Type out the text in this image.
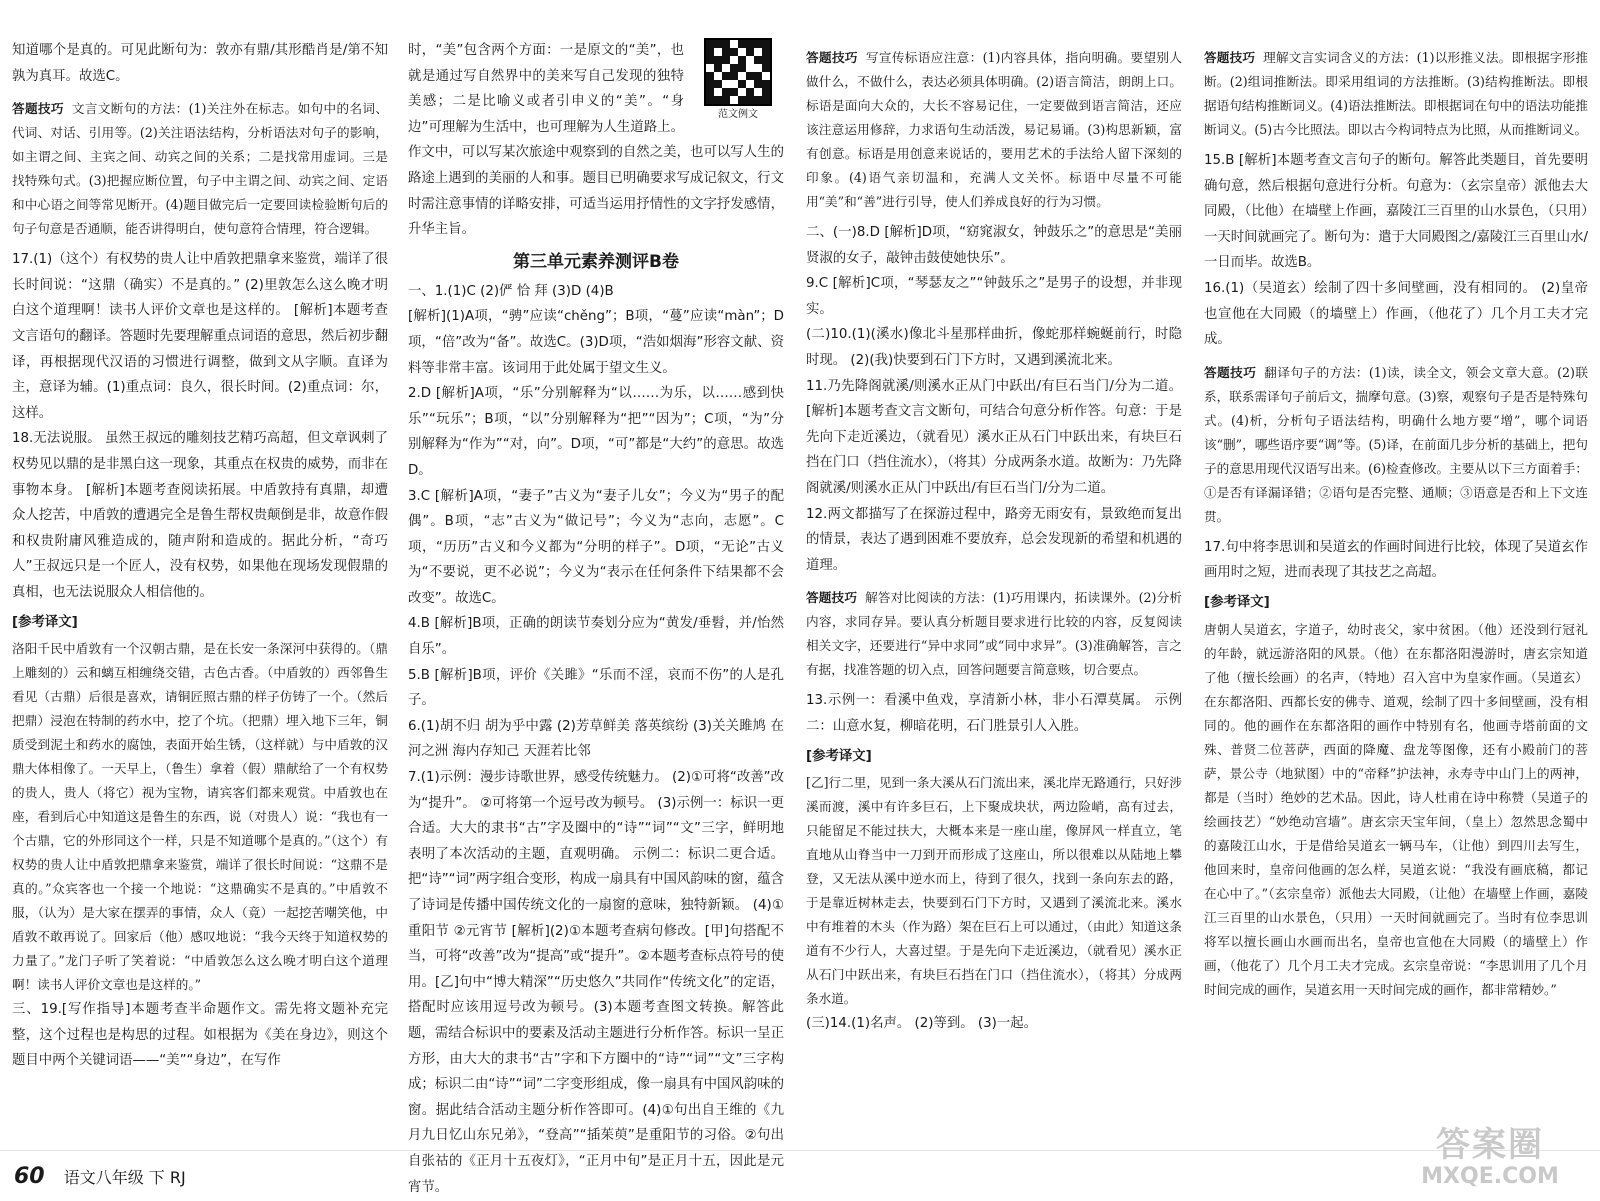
知道哪个是真的。可见此断句为：敦亦有鼎/其形酷肖是/第不知孰为真耳。故选C。

答题技巧 文言文断句的方法：(1)关注外在标志。如句中的名词、代词、对话、引用等。(2)关注语法结构，分析语法对句子的影响，如主谓之间、主宾之间、动宾之间的关系；二是找常用虚词。三是找特殊句式。(3)把握应断位置，句子中主谓之间、动宾之间、定语和中心语之间等常见断开。(4)题目做完后一定要回读检验断句后的句子句意是否通顺，能否讲得明白，使句意符合情理，符合逻辑。

17.(1)（这个）有权势的贵人让中盾敦把鼎拿来鉴赏，端详了很长时间说：“这鼎（确实）不是真的。” (2)里敦怎么这么晚才明白这个道理啊！读书人评价文章也是这样的。 [解析]本题考查文言语句的翻译。答题时先要理解重点词语的意思，然后初步翻译，再根据现代汉语的习惯进行调整，做到文从字顺。直译为主，意译为辅。(1)重点词：良久，很长时间。(2)重点词：尔，这样。

18.无法说服。 虽然王叔远的雕刻技艺精巧高超，但文章讽刺了权势见以鼎的是非黑白这一现象，其重点在权贵的威势，而非在事物本身。 [解析]本题考查阅读拓展。中盾敦持有真鼎，却遭众人挖苦，中盾敦的遭遇完全是鲁生帮权贵颠倒是非，故意作假和权贵附庸风雅造成的，随声附和造成的。据此分析，“奇巧人”王叔远只是一个匠人，没有权势，如果他在现场发现假鼎的真相，也无法说服众人相信他的。

[参考译文]
洛阳千民中盾敦有一个汉朝古鼎，是在长安一条深河中获得的。（鼎上雕刻的）云和螭互相缠绕交错，古色古香。（中盾敦的）西邻鲁生看见（古鼎）后很是喜欢，请铜匠照古鼎的样子仿铸了一个。（然后把鼎）浸泡在特制的药水中，挖了个坑。（把鼎）埋入地下三年，铜质受到泥土和药水的腐蚀，表面开始生锈，（这样就）与中盾敦的汉鼎大体相像了。一天早上，（鲁生）拿着（假）鼎献给了一个有权势的贵人，贵人（将它）视为宝物，请宾客们都来观赏。中盾敦也在座，看到后心中知道这是鲁生的东西，说（对贵人）说：“我也有一个古鼎，它的外形同这个一样，只是不知道哪个是真的。”（这个）有权势的贵人让中盾敦把鼎拿来鉴赏，端详了很长时间说：“这鼎不是真的。”众宾客也一个接一个地说：“这鼎确实不是真的。”中盾敦不服，（认为）是大家在摆弄的事情，众人（竟）一起挖苦嘲笑他，中盾敦不敢再说了。回家后（他）感叹地说：“我今天终于知道权势的力量了。”龙门子听了笑着说：“中盾敦怎么这么晚才明白这个道理啊！读书人评价文章也是这样的。”

三、19.[写作指导]本题考查半命题作文。需先将文题补充完整，这个过程也是构思的过程。如根据为《美在身边》，则这个题目中两个关键词语——“美”“身边”，在写作

范文例文

时，“美”包含两个方面：一是原文的“美”，也就是通过写自然界中的美来写自己发现的独特美感；二是比喻义或者引申义的“美”。“身边”可理解为生活中，也可理解为人生道路上。作文中，可以写某次旅途中观察到的自然之美，也可以写人生的路途上遇到的美丽的人和事。题目已明确要求写成记叙文，行文时需注意事情的详略安排，可适当运用抒情性的文字抒发感情，升华主旨。

第三单元素养测评B卷

一、1.(1)C (2)俨 恰 拜 (3)D (4)B

[解析](1)A项，“骋”应读“chěng”；B项，“蔓”应读“màn”；D项，“倍”改为“备”。故选C。(3)D项，“浩如烟海”形容文献、资料等非常丰富。该词用于此处属于望文生义。

2.D [解析]A项，“乐”分别解释为“以……为乐，以……感到快乐”“玩乐”；B项，“以”分别解释为“把”“因为”；C项，“为”分别解释为“作为”“对，向”。D项，“可”都是“大约”的意思。故选D。

3.C [解析]A项，“妻子”古义为“妻子儿女”；今义为“男子的配偶”。B项，“志”古义为“做记号”；今义为“志向，志愿”。C项，“历历”古义和今义都为“分明的样子”。D项，“无论”古义为“不要说，更不必说”；今义为“表示在任何条件下结果都不会改变”。故选C。

4.B [解析]B项，正确的朗读节奏划分应为“黄发/垂髫，并/怡然自乐”。

5.B [解析]B项，评价《关雎》“乐而不淫，哀而不伤”的人是孔子。

6.(1)胡不归 胡为乎中露 (2)芳草鲜美 落英缤纷 (3)关关雎鸠 在河之洲 海内存知己 天涯若比邻

7.(1)示例：漫步诗歌世界，感受传统魅力。 (2)①可将“改善”改为“提升”。 ②可将第一个逗号改为顿号。 (3)示例一：标识一更合适。大大的隶书“古”字及圈中的“诗”“词”“文”三字，鲜明地表明了本次活动的主题，直观明确。 示例二：标识二更合适。把“诗”“词”两字组合变形，构成一扇具有中国风韵味的窗，蕴含了诗词是传播中国传统文化的一扇窗的意味，独特新颖。 (4)①重阳节 ②元宵节 [解析](2)①本题考查病句修改。[甲]句搭配不当，可将“改善”改为“提高”或“提升”。②本题考查标点符号的使用。[乙]句中“博大精深”“历史悠久”共同作“传统文化”的定语，搭配时应该用逗号改为顿号。(3)本题考查图文转换。解答此题，需结合标识中的要素及活动主题进行分析作答。标识一呈正方形，由大大的隶书“古”字和下方圈中的“诗”“词”“文”三字构成；标识二由“诗”“词”二字变形组成，像一扇具有中国风韵味的窗。据此结合活动主题分析作答即可。(4)①句出自王维的《九月九日忆山东兄弟》，“登高”“插茱萸”是重阳节的习俗。②句出自张祜的《正月十五夜灯》，“正月中旬”是正月十五，因此是元宵节。

答题技巧 写宣传标语应注意：(1)内容具体，指向明确。要望别人做什么，不做什么，表达必须具体明确。(2)语言简洁，朗朗上口。标语是面向大众的，大长不容易记住，一定要做到语言简洁，还应该注意运用修辞，力求语句生动活泼，易记易诵。(3)构思新颖，富有创意。标语是用创意来说话的，要用艺术的手法给人留下深刻的印象。(4)语气亲切温和，充满人文关怀。标语中尽量不可能用“美”和“善”进行引导，使人们养成良好的行为习惯。

二、(一)8.D [解析]D项，“窈窕淑女，钟鼓乐之”的意思是“美丽贤淑的女子，敲钟击鼓使她快乐”。

9.C [解析]C项，“琴瑟友之”“钟鼓乐之”是男子的设想，并非现实。

(二)10.(1)(溪水)像北斗星那样曲折，像蛇那样蜿蜒前行，时隐时现。 (2)(我)快要到石门下方时，又遇到溪流北来。

11.乃先降阁就溪/则溪水正从门中跃出/有巨石当门/分为二道。 [解析]本题考查文言文断句，可结合句意分析作答。句意：于是先向下走近溪边，（就看见）溪水正从石门中跃出来，有块巨石挡在门口（挡住流水），（将其）分成两条水道。故断为：乃先降阁就溪/则溪水正从门中跃出/有巨石当门/分为二道。

12.两文都描写了在探游过程中，路旁无雨安有，景致绝而复出的情景，表达了遇到困难不要放弃，总会发现新的希望和机遇的道理。

答题技巧 解答对比阅读的方法：(1)巧用课内，拓读课外。(2)分析内容，求同存异。要认真分析题目要求进行比较的内容，反复阅读相关文字，还要进行“异中求同”或“同中求异”。(3)准确解答，言之有据，找准答题的切入点，回答问题要言简意赅，切合要点。

13.示例一：看溪中鱼戏，享清新小林，非小石潭莫属。 示例二：山意水复，柳暗花明，石门胜景引人入胜。

[参考译文]
[乙]行二里，见到一条大溪从石门流出来，溪北岸无路通行，只好涉溪而渡，溪中有许多巨石，上下聚成块状，两边险峭，高有过去，只能留足不能过扶大，大概本来是一座山崖，像屏风一样直立，笔直地从山脊当中一刀到开而形成了这座山，所以很难以从陆地上攀登，又无法从溪中逆水而上，待到了很久，找到一条向东去的路，于是靠近树林走去，快要到石门下方时，又遇到了溪流北来。溪水中有堆着的木头（作为路）架在巨石上可以通过，（由此）知道这条道有不少行人，大喜过望。于是先向下走近溪边，（就看见）溪水正从石门中跃出来，有块巨石挡在门口（挡住流水），（将其）分成两条水道。

(三)14.(1)名声。 (2)等到。 (3)一起。

答题技巧 理解文言实词含义的方法：(1)以形推义法。即根据字形推断。(2)组词推断法。即采用组词的方法推断。(3)结构推断法。即根据语句结构推断词义。(4)语法推断法。即根据词在句中的语法功能推断词义。(5)古今比照法。即以古今构词特点为比照，从而推断词义。

15.B [解析]本题考查文言句子的断句。解答此类题目，首先要明确句意，然后根据句意进行分析。句意为：（玄宗皇帝）派他去大同殿，（比他）在墙壁上作画，嘉陵江三百里的山水景色，（只用）一天时间就画完了。断句为：遣于大同殿图之/嘉陵江三百里山水/一日而毕。故选B。

16.(1)（吴道玄）绘制了四十多间壁画，没有相同的。 (2)皇帝也宣他在大同殿（的墙壁上）作画，（他花了）几个月工夫才完成。

答题技巧 翻译句子的方法：(1)读，读全文，领会文章大意。(2)联系，联系需译句子前后文，揣摩句意。(3)察，观察句子是否是特殊句式。(4)析，分析句子语法结构，明确什么地方要“增”，哪个词语该“删”，哪些语序要“调”等。(5)译，在前面几步分析的基础上，把句子的意思用现代汉语写出来。(6)检查修改。主要从以下三方面着手：①是否有译漏译错；②语句是否完整、通顺；③语意是否和上下文连贯。

17.句中将李思训和吴道玄的作画时间进行比较，体现了吴道玄作画用时之短，进而表现了其技艺之高超。

[参考译文]
唐朝人吴道玄，字道子，幼时丧父，家中贫困。（他）还没到行冠礼的年龄，就远游洛阳的风景。（他）在东都洛阳漫游时，唐玄宗知道了他（擅长绘画）的名声，（特地）召入宫中为皇家作画。（吴道玄）在东都洛阳、西都长安的佛寺、道观，绘制了四十多间壁画，没有相同的。他的画作在东都洛阳的画作中特别有名，他画寺塔前面的文殊、普贤二位菩萨，西面的降魔、盘龙等图像，还有小殿前门的菩萨，景公寺（地狱图）中的“帝释”护法神，永寿寺中山门上的两神，都是（当时）绝妙的艺术品。因此，诗人杜甫在诗中称赞（吴道子的绘画技艺）“妙绝动宫墙”。唐玄宗天宝年间，（皇上）忽然思念蜀中的嘉陵江山水，于是借给吴道玄一辆马车，（让他）到四川去写生，他回来时，皇帝问他画的怎么样，吴道玄说：“我没有画底稿，都记在心中了。”（玄宗皇帝）派他去大同殿，（让他）在墙壁上作画，嘉陵江三百里的山水景色，（只用）一天时间就画完了。当时有位李思训将军以擅长画山水画而出名，皇帝也宣他在大同殿（的墙壁上）作画，（他花了）几个月工夫才完成。玄宗皇帝说：“李思训用了几个月时间完成的画作，吴道玄用一天时间完成的画作，都非常精妙。”
60 语文八年级 下 RJ
答案圈
MXQE.COM
